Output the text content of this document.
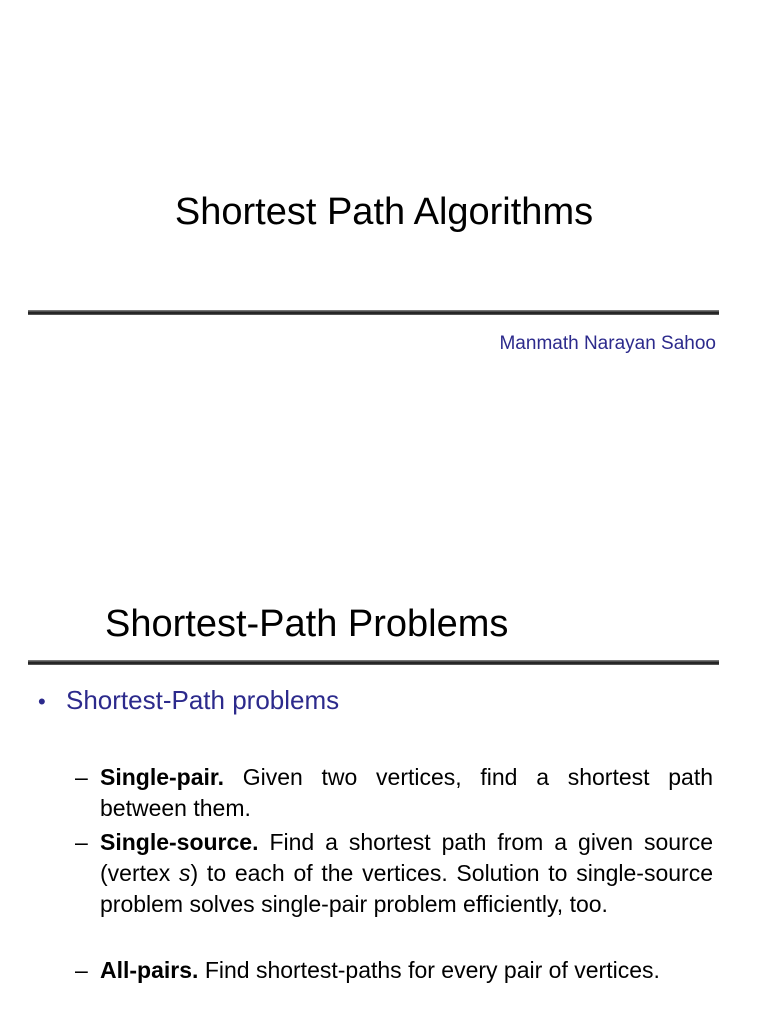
Shortest Path Algorithms
Manmath Narayan Sahoo
Shortest-Path Problems
• Shortest-Path problems
– Single-pair. Given two vertices, find a shortest path between them.
– Single-source. Find a shortest path from a given source (vertex s) to each of the vertices. Solution to single-source problem solves single-pair problem efficiently, too.
– All-pairs. Find shortest-paths for every pair of vertices.
